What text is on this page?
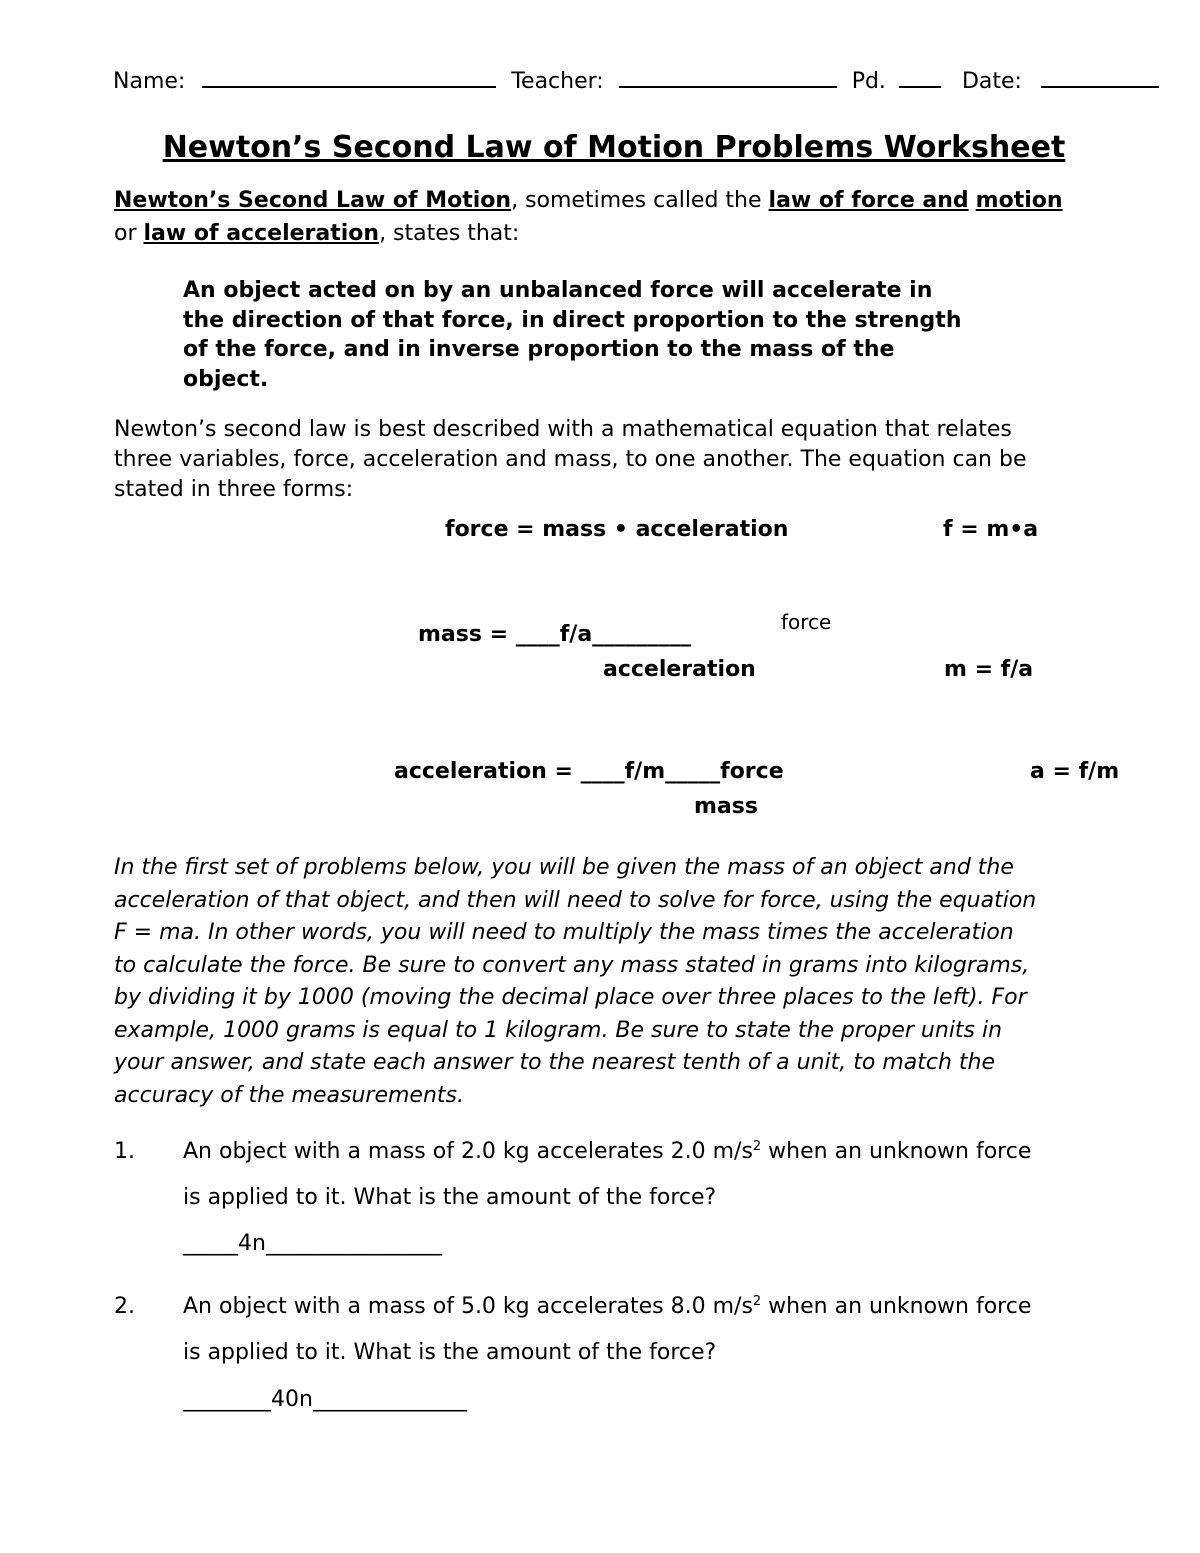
Name:	Teacher:	Pd.	Date:
Newton’s Second Law of Motion Problems Worksheet
Newton’s Second Law of Motion, sometimes called the law of force and motion
or law of acceleration, states that:
An object acted on by an unbalanced force will accelerate in
the direction of that force, in direct proportion to the strength
of the force, and in inverse proportion to the mass of the
object.
Newton’s second law is best described with a mathematical equation that relates
three variables, force, acceleration and mass, to one another. The equation can be
stated in three forms:
force = mass • acceleration	f = m•a
mass = ____f/a_________	force
acceleration	m = f/a
acceleration = ____f/m_____force	a = f/m
mass
In the first set of problems below, you will be given the mass of an object and the
acceleration of that object, and then will need to solve for force, using the equation
F = ma. In other words, you will need to multiply the mass times the acceleration
to calculate the force. Be sure to convert any mass stated in grams into kilograms,
by dividing it by 1000 (moving the decimal place over three places to the left). For
example, 1000 grams is equal to 1 kilogram. Be sure to state the proper units in
your answer, and state each answer to the nearest tenth of a unit, to match the
accuracy of the measurements.
1. An object with a mass of 2.0 kg accelerates 2.0 $m/s^2$ when an unknown force
is applied to it. What is the amount of the force?
_____4n________________
2. An object with a mass of 5.0 kg accelerates 8.0 $m/s^2$ when an unknown force
is applied to it. What is the amount of the force?
________40n______________
